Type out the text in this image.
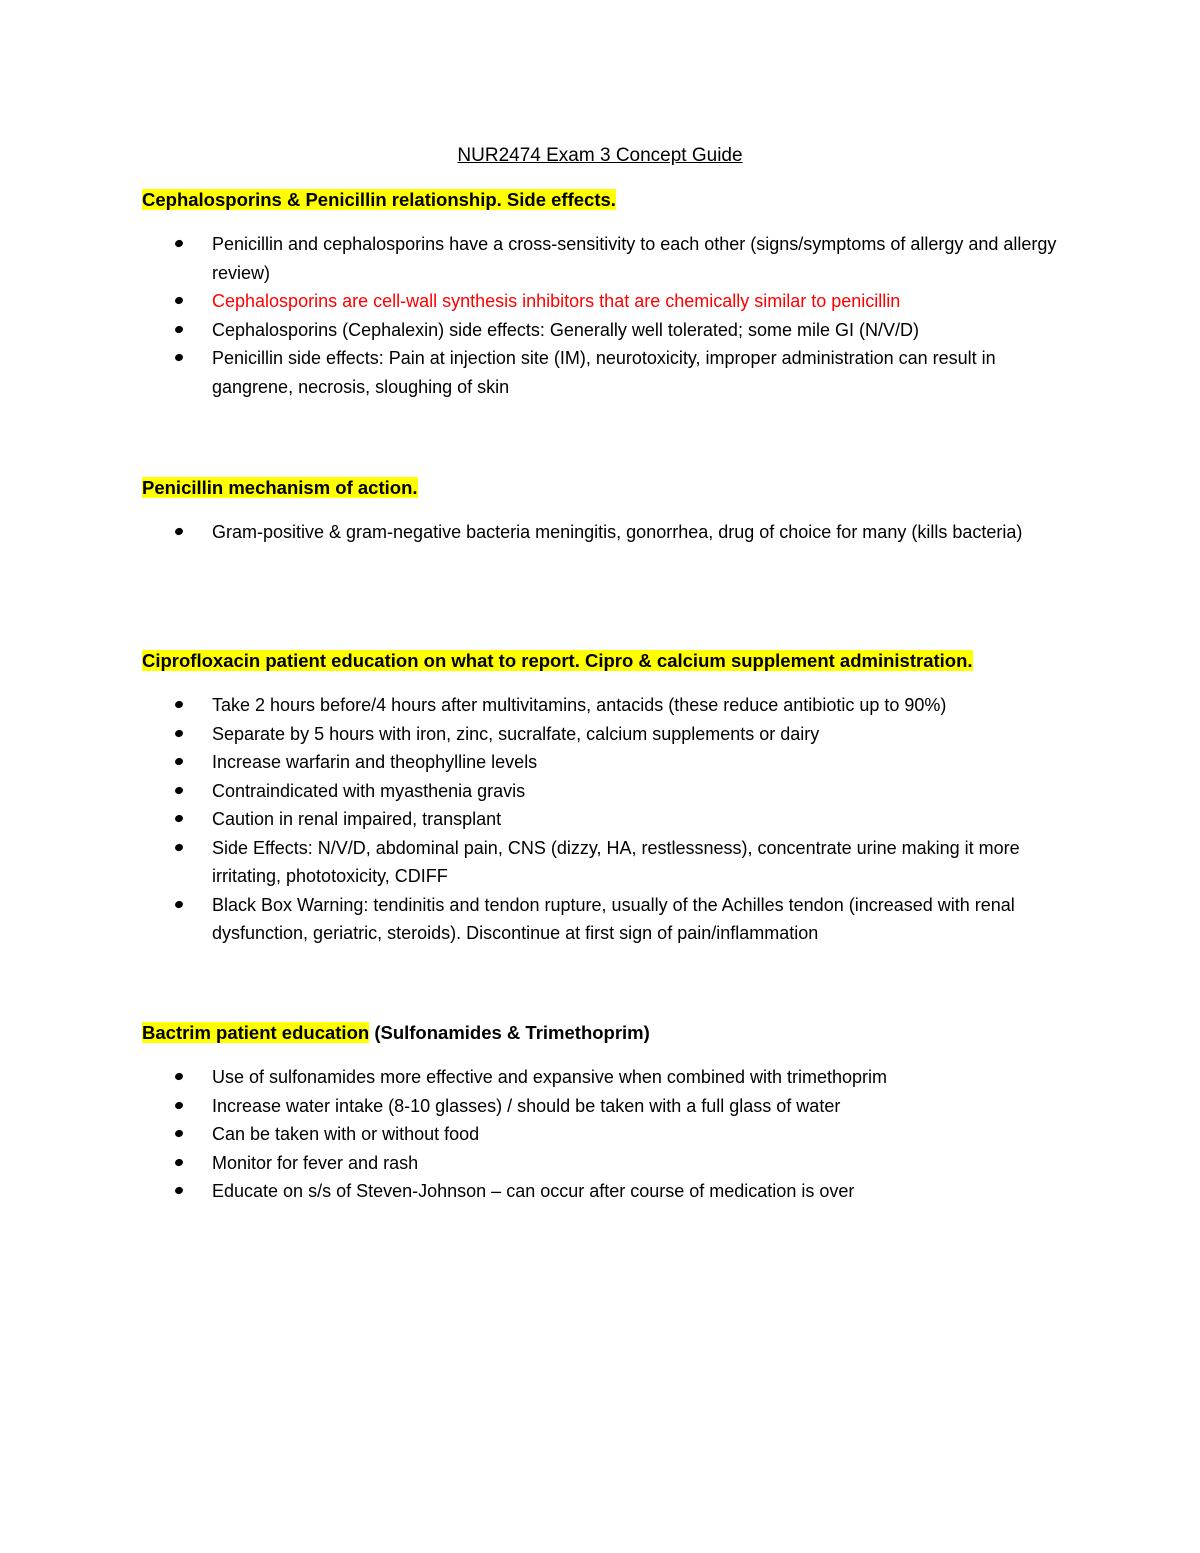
NUR2474 Exam 3 Concept Guide
Cephalosporins & Penicillin relationship. Side effects.
Penicillin and cephalosporins have a cross-sensitivity to each other (signs/symptoms of allergy and allergy review)
Cephalosporins are cell-wall synthesis inhibitors that are chemically similar to penicillin
Cephalosporins (Cephalexin) side effects: Generally well tolerated; some mile GI (N/V/D)
Penicillin side effects: Pain at injection site (IM), neurotoxicity, improper administration can result in gangrene, necrosis, sloughing of skin
Penicillin mechanism of action.
Gram-positive & gram-negative bacteria meningitis, gonorrhea, drug of choice for many (kills bacteria)
Ciprofloxacin patient education on what to report. Cipro & calcium supplement administration.
Take 2 hours before/4 hours after multivitamins, antacids (these reduce antibiotic up to 90%)
Separate by 5 hours with iron, zinc, sucralfate, calcium supplements or dairy
Increase warfarin and theophylline levels
Contraindicated with myasthenia gravis
Caution in renal impaired, transplant
Side Effects: N/V/D, abdominal pain, CNS (dizzy, HA, restlessness), concentrate urine making it more irritating, phototoxicity, CDIFF
Black Box Warning: tendinitis and tendon rupture, usually of the Achilles tendon (increased with renal dysfunction, geriatric, steroids). Discontinue at first sign of pain/inflammation
Bactrim patient education (Sulfonamides & Trimethoprim)
Use of sulfonamides more effective and expansive when combined with trimethoprim
Increase water intake (8-10 glasses) / should be taken with a full glass of water
Can be taken with or without food
Monitor for fever and rash
Educate on s/s of Steven-Johnson – can occur after course of medication is over
